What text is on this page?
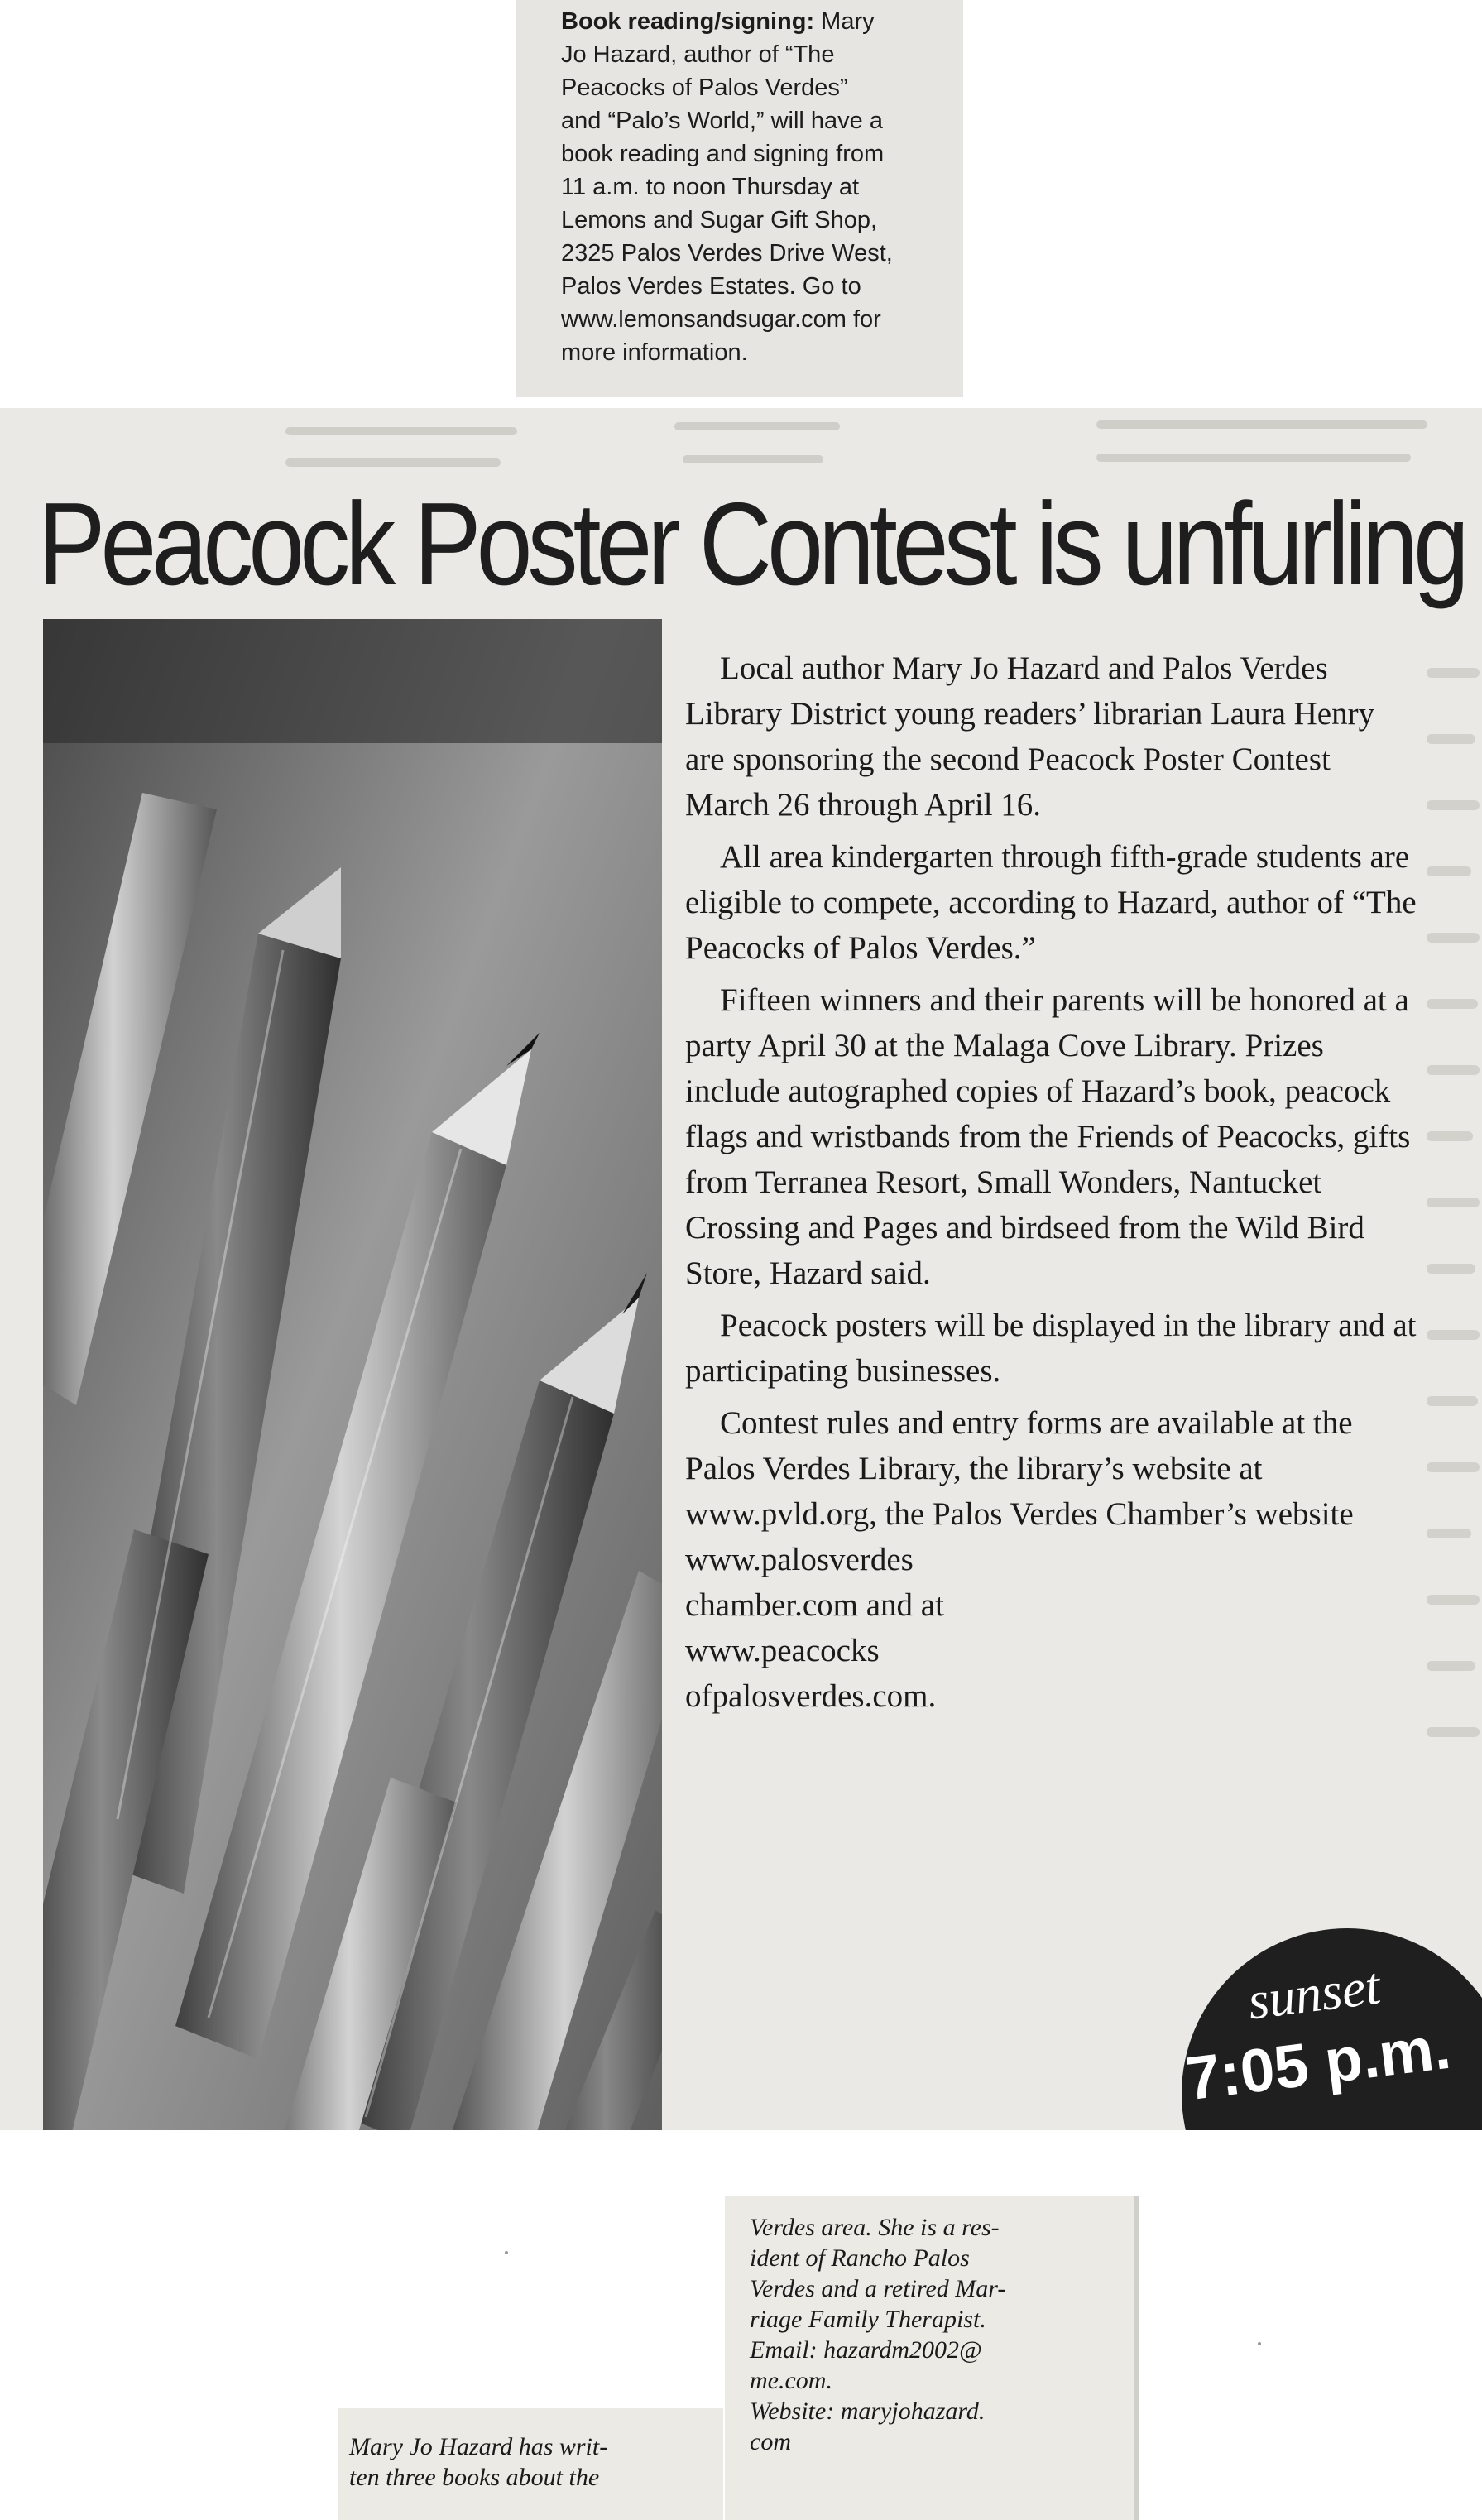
Book reading/signing: Mary
Jo Hazard, author of “The
Peacocks of Palos Verdes”
and “Palo’s World,” will have a
book reading and signing from
11 a.m. to noon Thursday at
Lemons and Sugar Gift Shop,
2325 Palos Verdes Drive West,
Palos Verdes Estates. Go to
www.lemonsandsugar.com for
more information.
Peacock Poster Contest is unfurling

Local author Mary Jo Hazard and Palos Verdes Library District young readers’ librarian Laura Henry are sponsoring the second Peacock Poster Contest March 26 through April 16.

All area kindergarten through fifth-grade students are eligible to compete, according to Hazard, author of “The Peacocks of Palos Verdes.”

Fifteen winners and their parents will be honored at a party April 30 at the Malaga Cove Library. Prizes include autographed copies of Hazard’s book, peacock flags and wristbands from the Friends of Peacocks, gifts from Terranea Resort, Small Wonders, Nantucket Crossing and Pages and birdseed from the Wild Bird Store, Hazard said.

Peacock posters will be displayed in the library and at participating businesses.

Contest rules and entry forms are available at the Palos Verdes Library, the library’s website at www.pvld.org, the Palos Verdes Chamber’s website
www.palosverdes
chamber.com and at
www.peacocks
ofpalosverdes.com.

sunset
7:05 p.m.
Verdes area. She is a res-
ident of Rancho Palos
Verdes and a retired Mar-
riage Family Therapist.
Email: hazardm2002@
me.com.
Website: maryjohazard.
com
Mary Jo Hazard has writ-
ten three books about the
